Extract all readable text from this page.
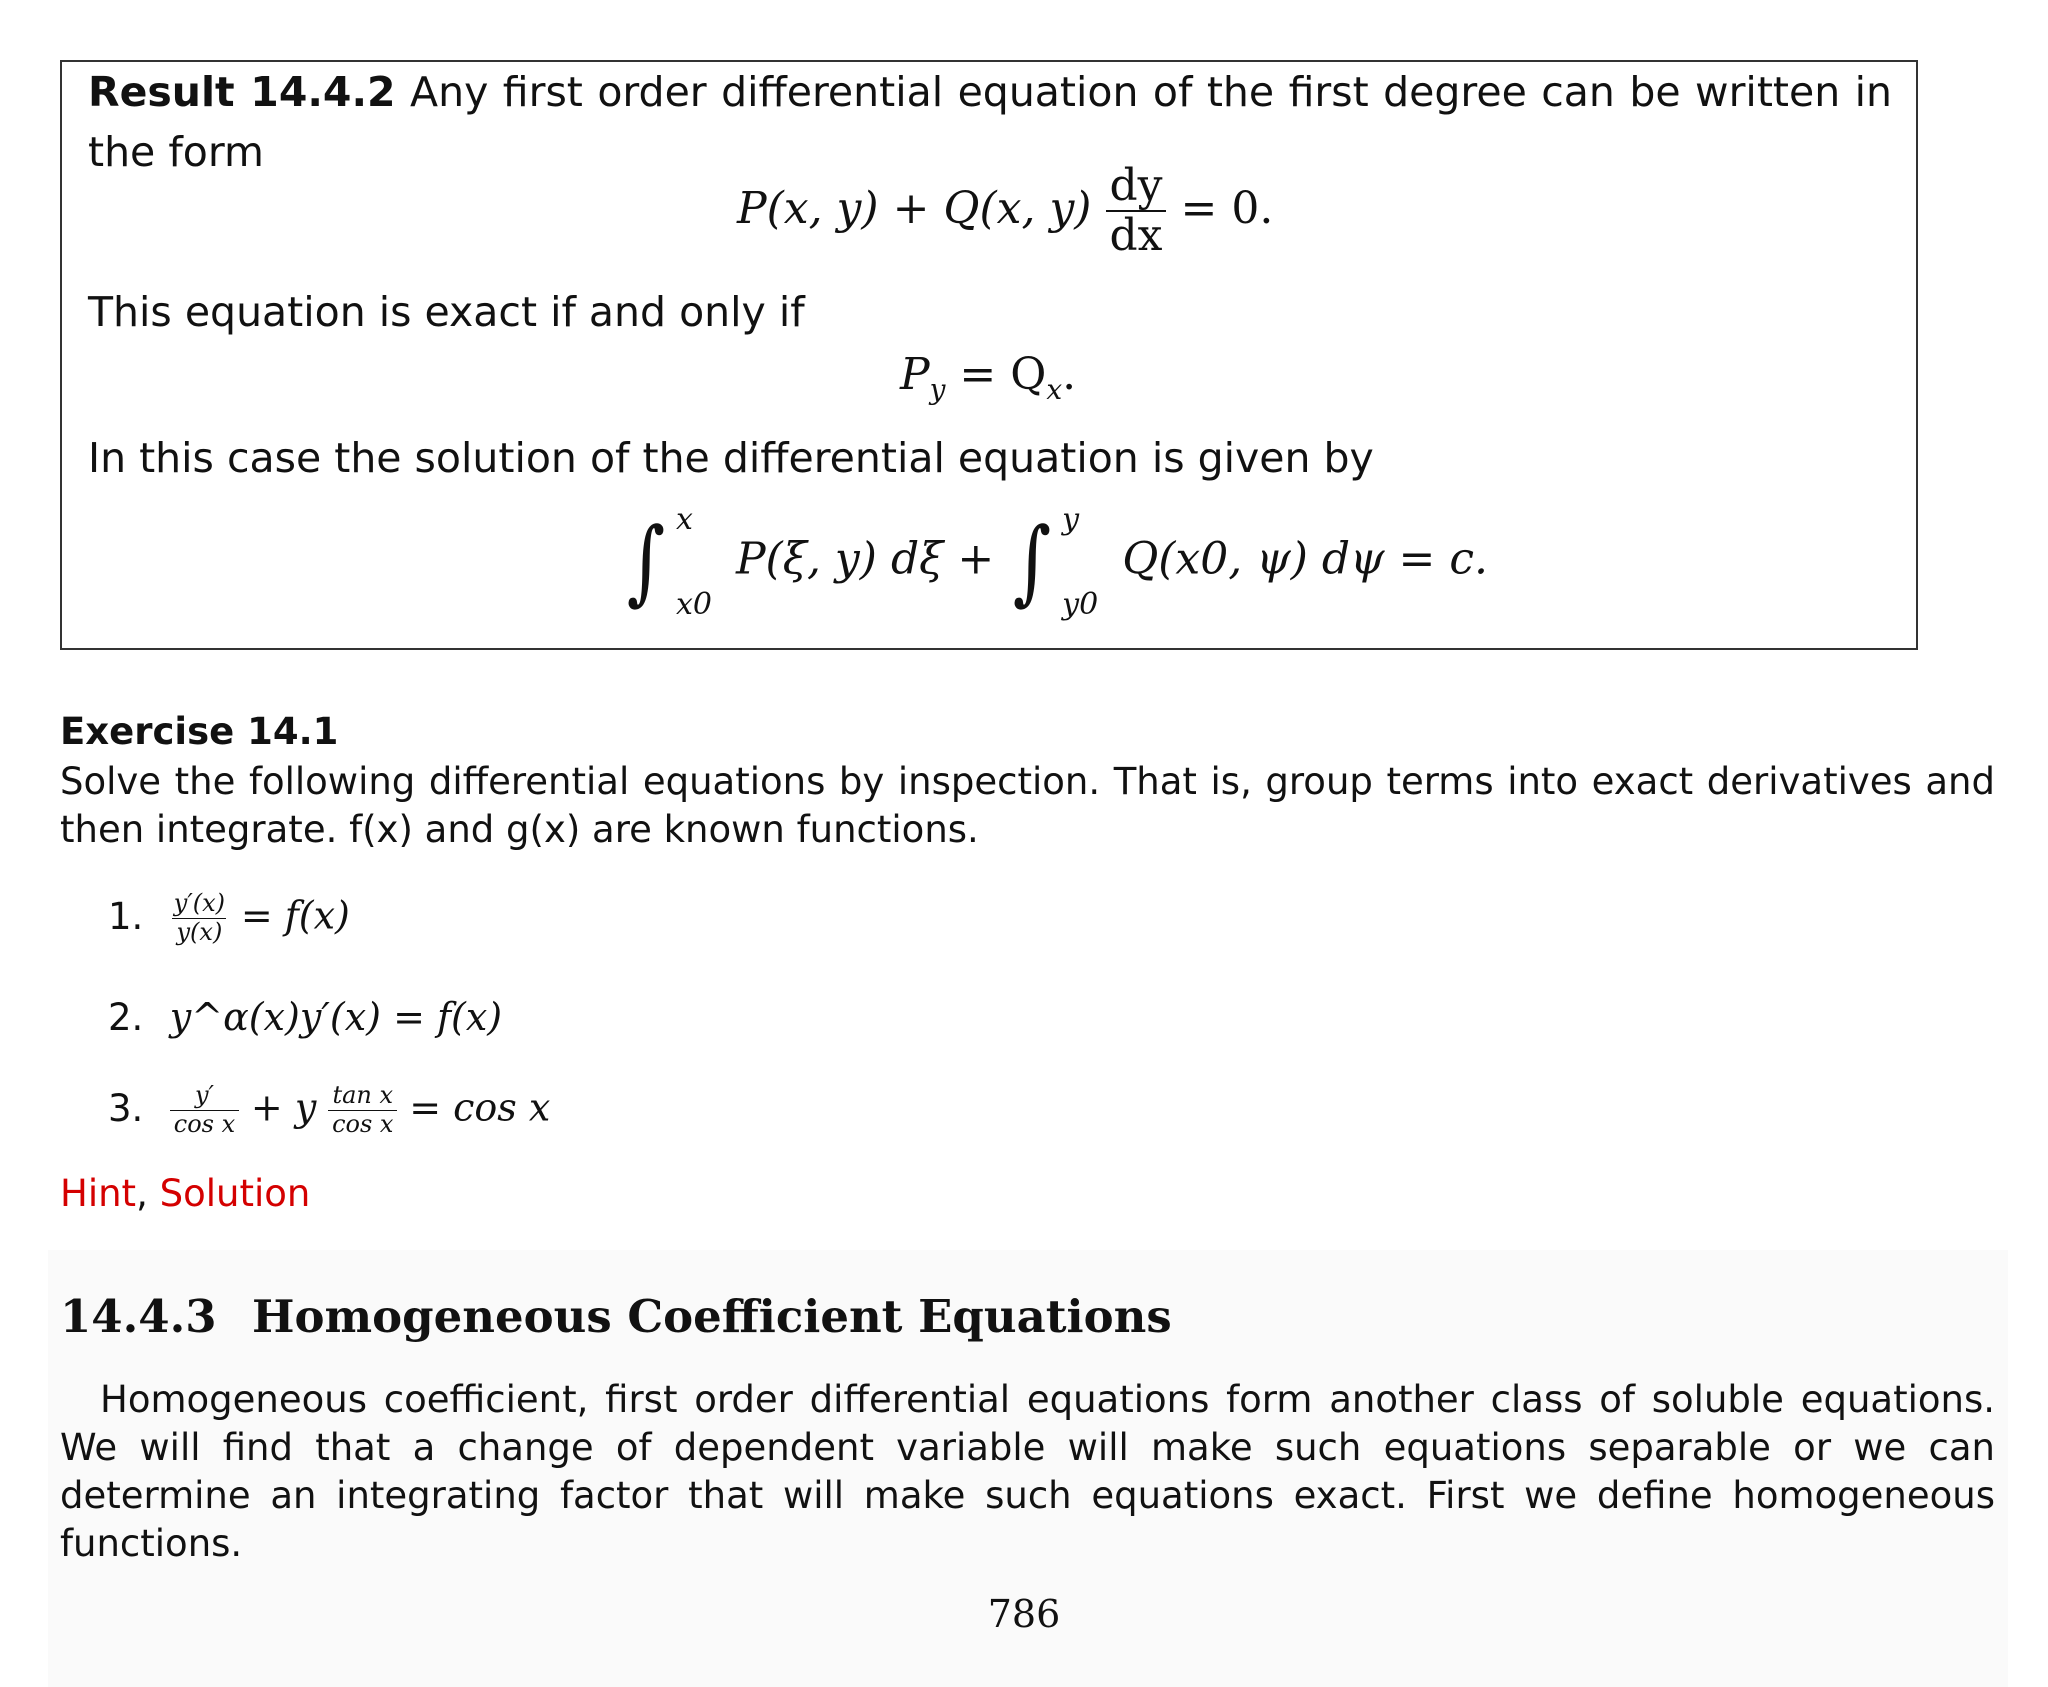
Result 14.4.2 Any first order differential equation of the first degree can be written in the form
P(x, y) + Q(x, $y) \frac{dy}{dx} = 0$.
This equation is exact if and only if
$P_y = Q_x$.
In this case the solution of the differential equation is given by
∫ x
x0
P(ξ, y) dξ + ∫ y
y0
Q(x0, ψ) dψ = c.
Exercise 14.1
Solve the following differential equations by inspection. That is, group terms into exact derivatives and then integrate. f(x) and g(x) are known functions.
1. $\frac{y'(x)}{y(x)} = f(x)$
2. y^α(x)y′(x) = f(x)
3. $\frac{y'}{\text{cos x}} + y \frac{\text{tan x}}{\text{cos x}} = \cos x$
Hint, Solution
14.4.3 Homogeneous Coefficient Equations
Homogeneous coefficient, first order differential equations form another class of soluble equations. We will find that a change of dependent variable will make such equations separable or we can determine an integrating factor that will make such equations exact. First we define homogeneous functions.
786
